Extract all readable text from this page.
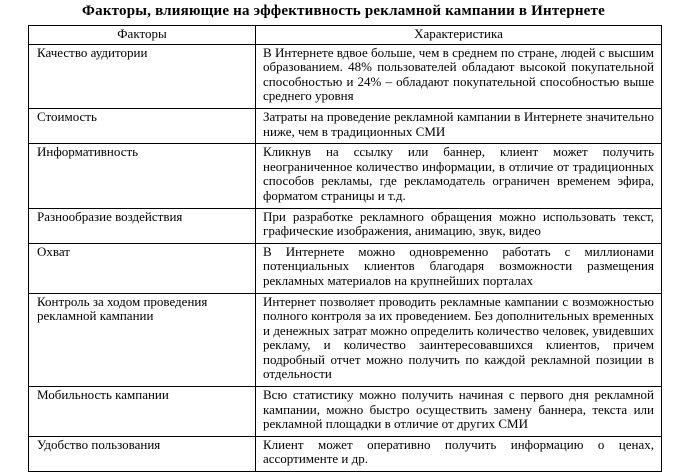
Факторы, влияющие на эффективность рекламной кампании в Интернете
Факторы	Характеристика
Качество аудитории	В Интернете вдвое больше, чем в среднем по стране, людей с высшим образованием. 48% пользователей обладают высокой покупательной способностью и 24% – обладают покупательной способностью выше среднего уровня
Стоимость	Затраты на проведение рекламной кампании в Интернете значительно ниже, чем в традиционных СМИ
Информативность	Кликнув на ссылку или баннер, клиент может получить неограниченное количество информации, в отличие от традиционных способов рекламы, где рекламодатель ограничен временем эфира, форматом страницы и т.д.
Разнообразие воздействия	При разработке рекламного обращения можно использовать текст, графические изображения, анимацию, звук, видео
Охват	В Интернете можно одновременно работать с миллионами потенциальных клиентов благодаря возможности размещения рекламных материалов на крупнейших порталах
Контроль за ходом проведения рекламной кампании	Интернет позволяет проводить рекламные кампании с возможностью полного контроля за их проведением. Без дополнительных временных и денежных затрат можно определить количество человек, увидевших рекламу, и количество заинтересовавшихся клиентов, причем подробный отчет можно получить по каждой рекламной позиции в отдельности
Мобильность кампании	Всю статистику можно получить начиная с первого дня рекламной кампании, можно быстро осуществить замену баннера, текста или рекламной площадки в отличие от других СМИ
Удобство пользования	Клиент может оперативно получить информацию о ценах, ассортименте и др.
